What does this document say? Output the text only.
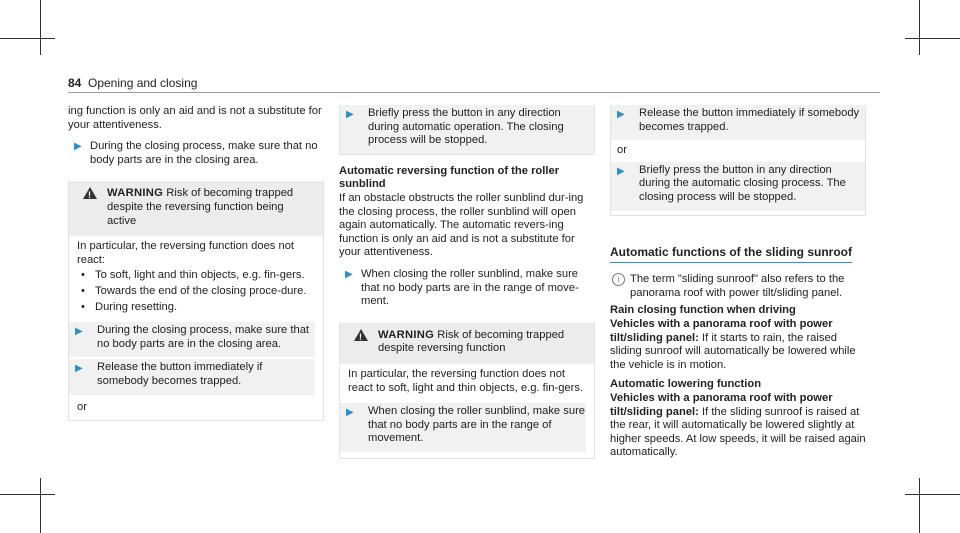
84 Opening and closing

ing function is only an aid and is not a substitute for your attentiveness.

▶ During the closing process, make sure that no body parts are in the closing area.
! WARNING Risk of becoming trapped despite the reversing function being active

In particular, the reversing function does not react:

• To soft, light and thin objects, e.g. fin-gers.
• Towards the end of the closing proce-dure.
• During resetting.
▶ During the closing process, make sure that no body parts are in the closing area.
▶ Release the button immediately if somebody becomes trapped.

or

▶ Briefly press the button in any direction during automatic operation. The closing process will be stopped.

Automatic reversing function of the roller sunblind

If an obstacle obstructs the roller sunblind dur-ing the closing process, the roller sunblind will open again automatically. The automatic revers-ing function is only an aid and is not a substitute for your attentiveness.

▶ When closing the roller sunblind, make sure that no body parts are in the range of move-ment.
! WARNING Risk of becoming trapped despite reversing function

In particular, the reversing function does not react to soft, light and thin objects, e.g. fin-gers.

▶ When closing the roller sunblind, make sure that no body parts are in the range of movement.
▶ Release the button immediately if somebody becomes trapped.

or

▶ Briefly press the button in any direction during the automatic closing process. The closing process will be stopped.
Automatic functions of the sliding sunroof
i The term "sliding sunroof" also refers to the panorama roof with power tilt/sliding panel.

Rain closing function when driving

Vehicles with a panorama roof with power tilt/sliding panel: If it starts to rain, the raised sliding sunroof will automatically be lowered while the vehicle is in motion.

Automatic lowering function

Vehicles with a panorama roof with power tilt/sliding panel: If the sliding sunroof is raised at the rear, it will automatically be lowered slightly at higher speeds. At low speeds, it will be raised again automatically.
